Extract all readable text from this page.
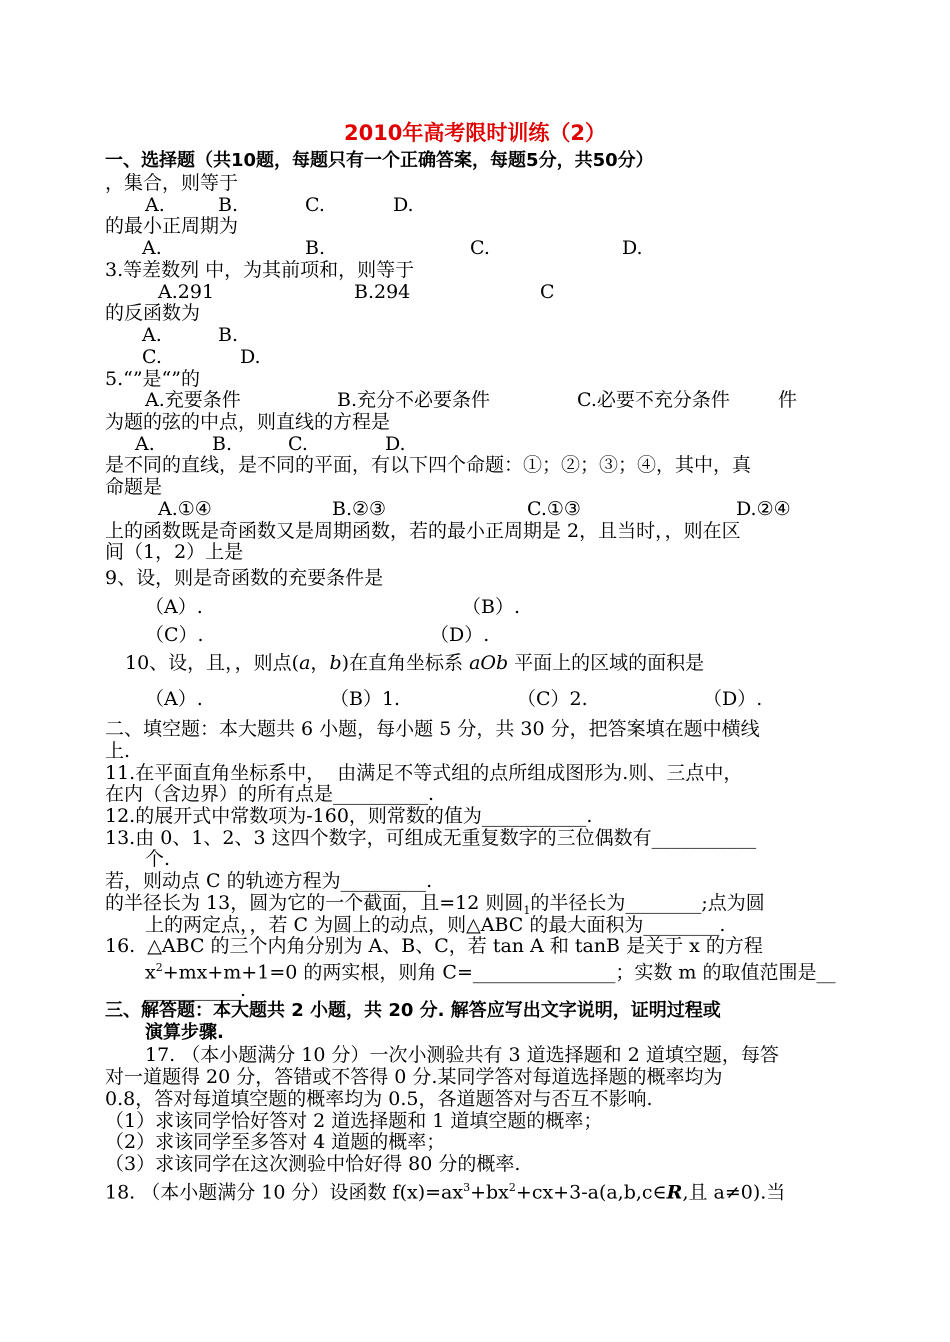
2010年高考限时训练（2）
一、选择题（共10题，每题只有一个正确答案，每题5分，共50分）
，集合，则等于
A.	B.	C.	D.
的最小正周期为
A.	B.	C.	D.
3.等差数列 中，为其前项和，则等于
A.291	B.294	C
的反函数为
A.	B.
C.	D.
5.“”是“”的
A.充要条件	B.充分不必要条件	C.必要不充分条件	件
为题的弦的中点，则直线的方程是
A.	B.	C.	D.
是不同的直线，是不同的平面，有以下四个命题：①；②；③；④，其中，真
命题是
A.①④	B.②③	C.①③	D.②④
上的函数既是奇函数又是周期函数，若的最小正周期是 2，且当时，，则在区
间（1，2）上是
9、设，则是奇函数的充要条件是
（A）.	（B）.
（C）.	（D）.
10、设，且，，则点(a，b)在直角坐标系 aOb 平面上的区域的面积是
（A）.	（B）1.	（C）2.	（D）.
二、填空题：本大题共 6 小题，每小题 5 分，共 30 分，把答案填在题中横线
上.
11.在平面直角坐标系中，  由满足不等式组的点所组成图形为.则、三点中，
在内（含边界）的所有点是__________.
12.的展开式中常数项为-160，则常数的值为___________.
13.由 0、1、2、3 这四个数字，可组成无重复数字的三位偶数有___________
个.
若，则动点 C 的轨迹方程为_________.
的半径长为 13，圆为它的一个截面，且=12 则圆$_1$的半径长为________;点为圆
上的两定点，，若 C 为圆上的动点，则△ABC 的最大面积为________.
16.  △ABC 的三个内角分别为 A、B、C，若 tan A 和 tanB 是关于 x 的方程
$x^2+mx+m+1=0$ 的两实根，则角 C=_______________；实数 m 的取值范围是__
__________.
三、解答题：本大题共 2 小题，共 20 分. 解答应写出文字说明，证明过程或
演算步骤.
17. （本小题满分 10 分）一次小测验共有 3 道选择题和 2 道填空题，每答
对一道题得 20 分，答错或不答得 0 分.某同学答对每道选择题的概率均为
0.8，答对每道填空题的概率均为 0.5，各道题答对与否互不影响.
（1）求该同学恰好答对 2 道选择题和 1 道填空题的概率；
（2）求该同学至多答对 4 道题的概率；
（3）求该同学在这次测验中恰好得 80 分的概率.
18. （本小题满分 10 分）设函数 $f(x)=ax^3+bx^2+cx+3-a(a,b,c\in R$,且 a≠0).当
